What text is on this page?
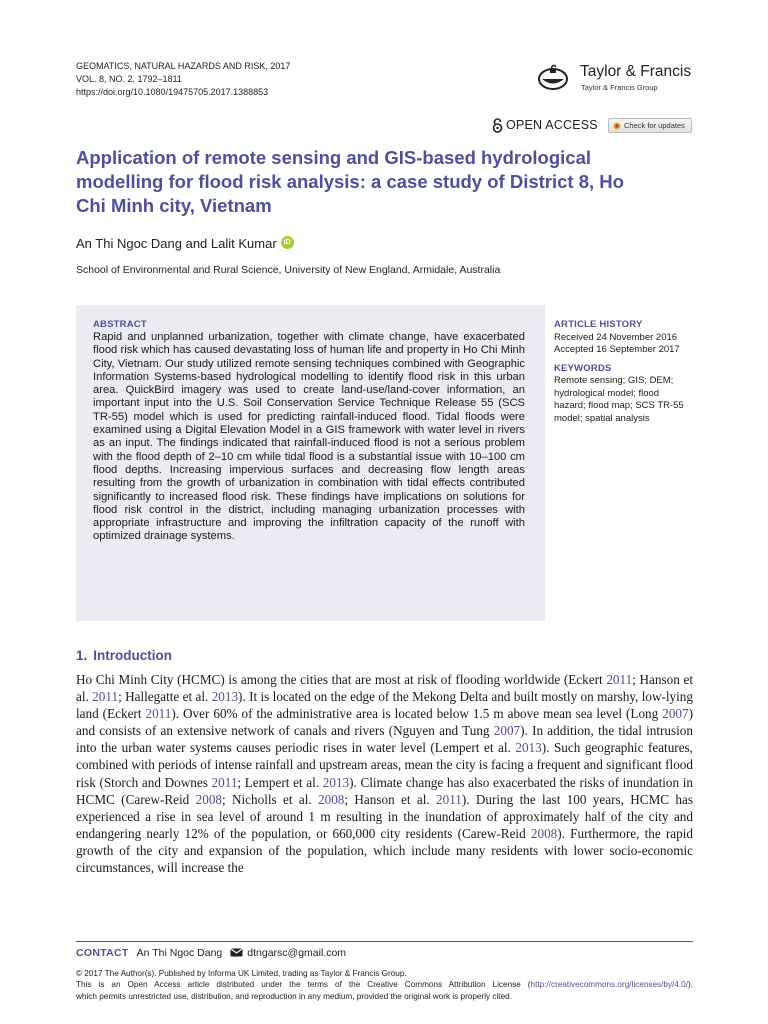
GEOMATICS, NATURAL HAZARDS AND RISK, 2017
VOL. 8, NO. 2, 1792–1811
https://doi.org/10.1080/19475705.2017.1388853
Taylor & Francis
Taylor & Francis Group
OPEN ACCESS	Check for updates
Application of remote sensing and GIS-based hydrological modelling for flood risk analysis: a case study of District 8, Ho Chi Minh city, Vietnam
An Thi Ngoc Dang and Lalit Kumar	iD
School of Environmental and Rural Science, University of New England, Armidale, Australia
ABSTRACT
Rapid and unplanned urbanization, together with climate change, have exacerbated flood risk which has caused devastating loss of human life and property in Ho Chi Minh City, Vietnam. Our study utilized remote sensing techniques combined with Geographic Information Systems-based hydrological modelling to identify flood risk in this urban area. QuickBird imagery was used to create land-use/land-cover information, an important input into the U.S. Soil Conservation Service Technique Release 55 (SCS TR-55) model which is used for predicting rainfall-induced flood. Tidal floods were examined using a Digital Elevation Model in a GIS framework with water level in rivers as an input. The findings indicated that rainfall-induced flood is not a serious problem with the flood depth of 2–10 cm while tidal flood is a substantial issue with 10–100 cm flood depths. Increasing impervious surfaces and decreasing flow length areas resulting from the growth of urbanization in combination with tidal effects contributed significantly to increased flood risk. These findings have implications on solutions for flood risk control in the district, including managing urbanization processes with appropriate infrastructure and improving the infiltration capacity of the runoff with optimized drainage systems.
ARTICLE HISTORY
Received 24 November 2016
Accepted 16 September 2017
KEYWORDS
Remote sensing; GIS; DEM;
hydrological model; flood
hazard; flood map; SCS TR-55
model; spatial analysis
1. Introduction
Ho Chi Minh City (HCMC) is among the cities that are most at risk of flooding worldwide (Eckert 2011; Hanson et al. 2011; Hallegatte et al. 2013). It is located on the edge of the Mekong Delta and built mostly on marshy, low-lying land (Eckert 2011). Over 60% of the administrative area is located below 1.5 m above mean sea level (Long 2007) and consists of an extensive network of canals and rivers (Nguyen and Tung 2007). In addition, the tidal intrusion into the urban water systems causes periodic rises in water level (Lempert et al. 2013). Such geographic features, combined with periods of intense rainfall and upstream areas, mean the city is facing a frequent and significant flood risk (Storch and Downes 2011; Lempert et al. 2013). Climate change has also exacerbated the risks of inundation in HCMC (Carew-Reid 2008; Nicholls et al. 2008; Hanson et al. 2011). During the last 100 years, HCMC has experienced a rise in sea level of around 1 m resulting in the inundation of approximately half of the city and endangering nearly 12% of the population, or 660,000 city residents (Carew-Reid 2008). Furthermore, the rapid growth of the city and expansion of the population, which include many residents with lower socio-economic circumstances, will increase the
CONTACT An Thi Ngoc Dang dtngarsc@gmail.com
© 2017 The Author(s). Published by Informa UK Limited, trading as Taylor & Francis Group.
This is an Open Access article distributed under the terms of the Creative Commons Attribution License (http://creativecommons.org/licenses/by/4.0/),
which permits unrestricted use, distribution, and reproduction in any medium, provided the original work is properly cited.
